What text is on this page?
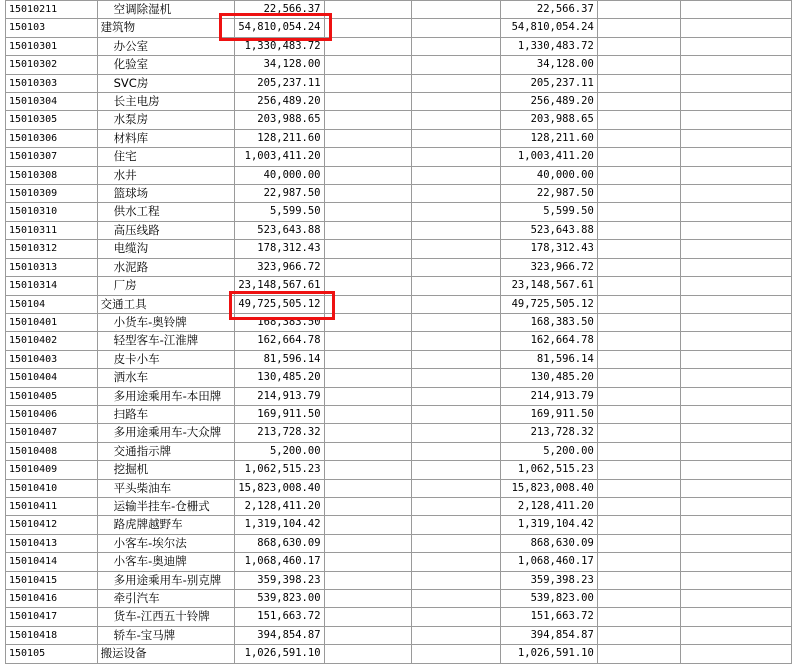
15010211	空调除湿机	22,566.37			22,566.37		
150103	建筑物	54,810,054.24			54,810,054.24		
15010301	办公室	1,330,483.72			1,330,483.72		
15010302	化验室	34,128.00			34,128.00		
15010303	SVC房	205,237.11			205,237.11		
15010304	长主电房	256,489.20			256,489.20		
15010305	水泵房	203,988.65			203,988.65		
15010306	材料库	128,211.60			128,211.60		
15010307	住宅	1,003,411.20			1,003,411.20		
15010308	水井	40,000.00			40,000.00		
15010309	篮球场	22,987.50			22,987.50		
15010310	供水工程	5,599.50			5,599.50		
15010311	高压线路	523,643.88			523,643.88		
15010312	电缆沟	178,312.43			178,312.43		
15010313	水泥路	323,966.72			323,966.72		
15010314	厂房	23,148,567.61			23,148,567.61		
150104	交通工具	49,725,505.12			49,725,505.12		
15010401	小货车-奥铃牌	168,383.50			168,383.50		
15010402	轻型客车-江淮牌	162,664.78			162,664.78		
15010403	皮卡小车	81,596.14			81,596.14		
15010404	洒水车	130,485.20			130,485.20		
15010405	多用途乘用车-本田牌	214,913.79			214,913.79		
15010406	扫路车	169,911.50			169,911.50		
15010407	多用途乘用车-大众牌	213,728.32			213,728.32		
15010408	交通指示牌	5,200.00			5,200.00		
15010409	挖掘机	1,062,515.23			1,062,515.23		
15010410	平头柴油车	15,823,008.40			15,823,008.40		
15010411	运输半挂车-仓栅式	2,128,411.20			2,128,411.20		
15010412	路虎牌越野车	1,319,104.42			1,319,104.42		
15010413	小客车-埃尔法	868,630.09			868,630.09		
15010414	小客车-奥迪牌	1,068,460.17			1,068,460.17		
15010415	多用途乘用车-别克牌	359,398.23			359,398.23		
15010416	牵引汽车	539,823.00			539,823.00		
15010417	货车-江西五十铃牌	151,663.72			151,663.72		
15010418	轿车-宝马牌	394,854.87			394,854.87		
150105	搬运设备	1,026,591.10			1,026,591.10		
